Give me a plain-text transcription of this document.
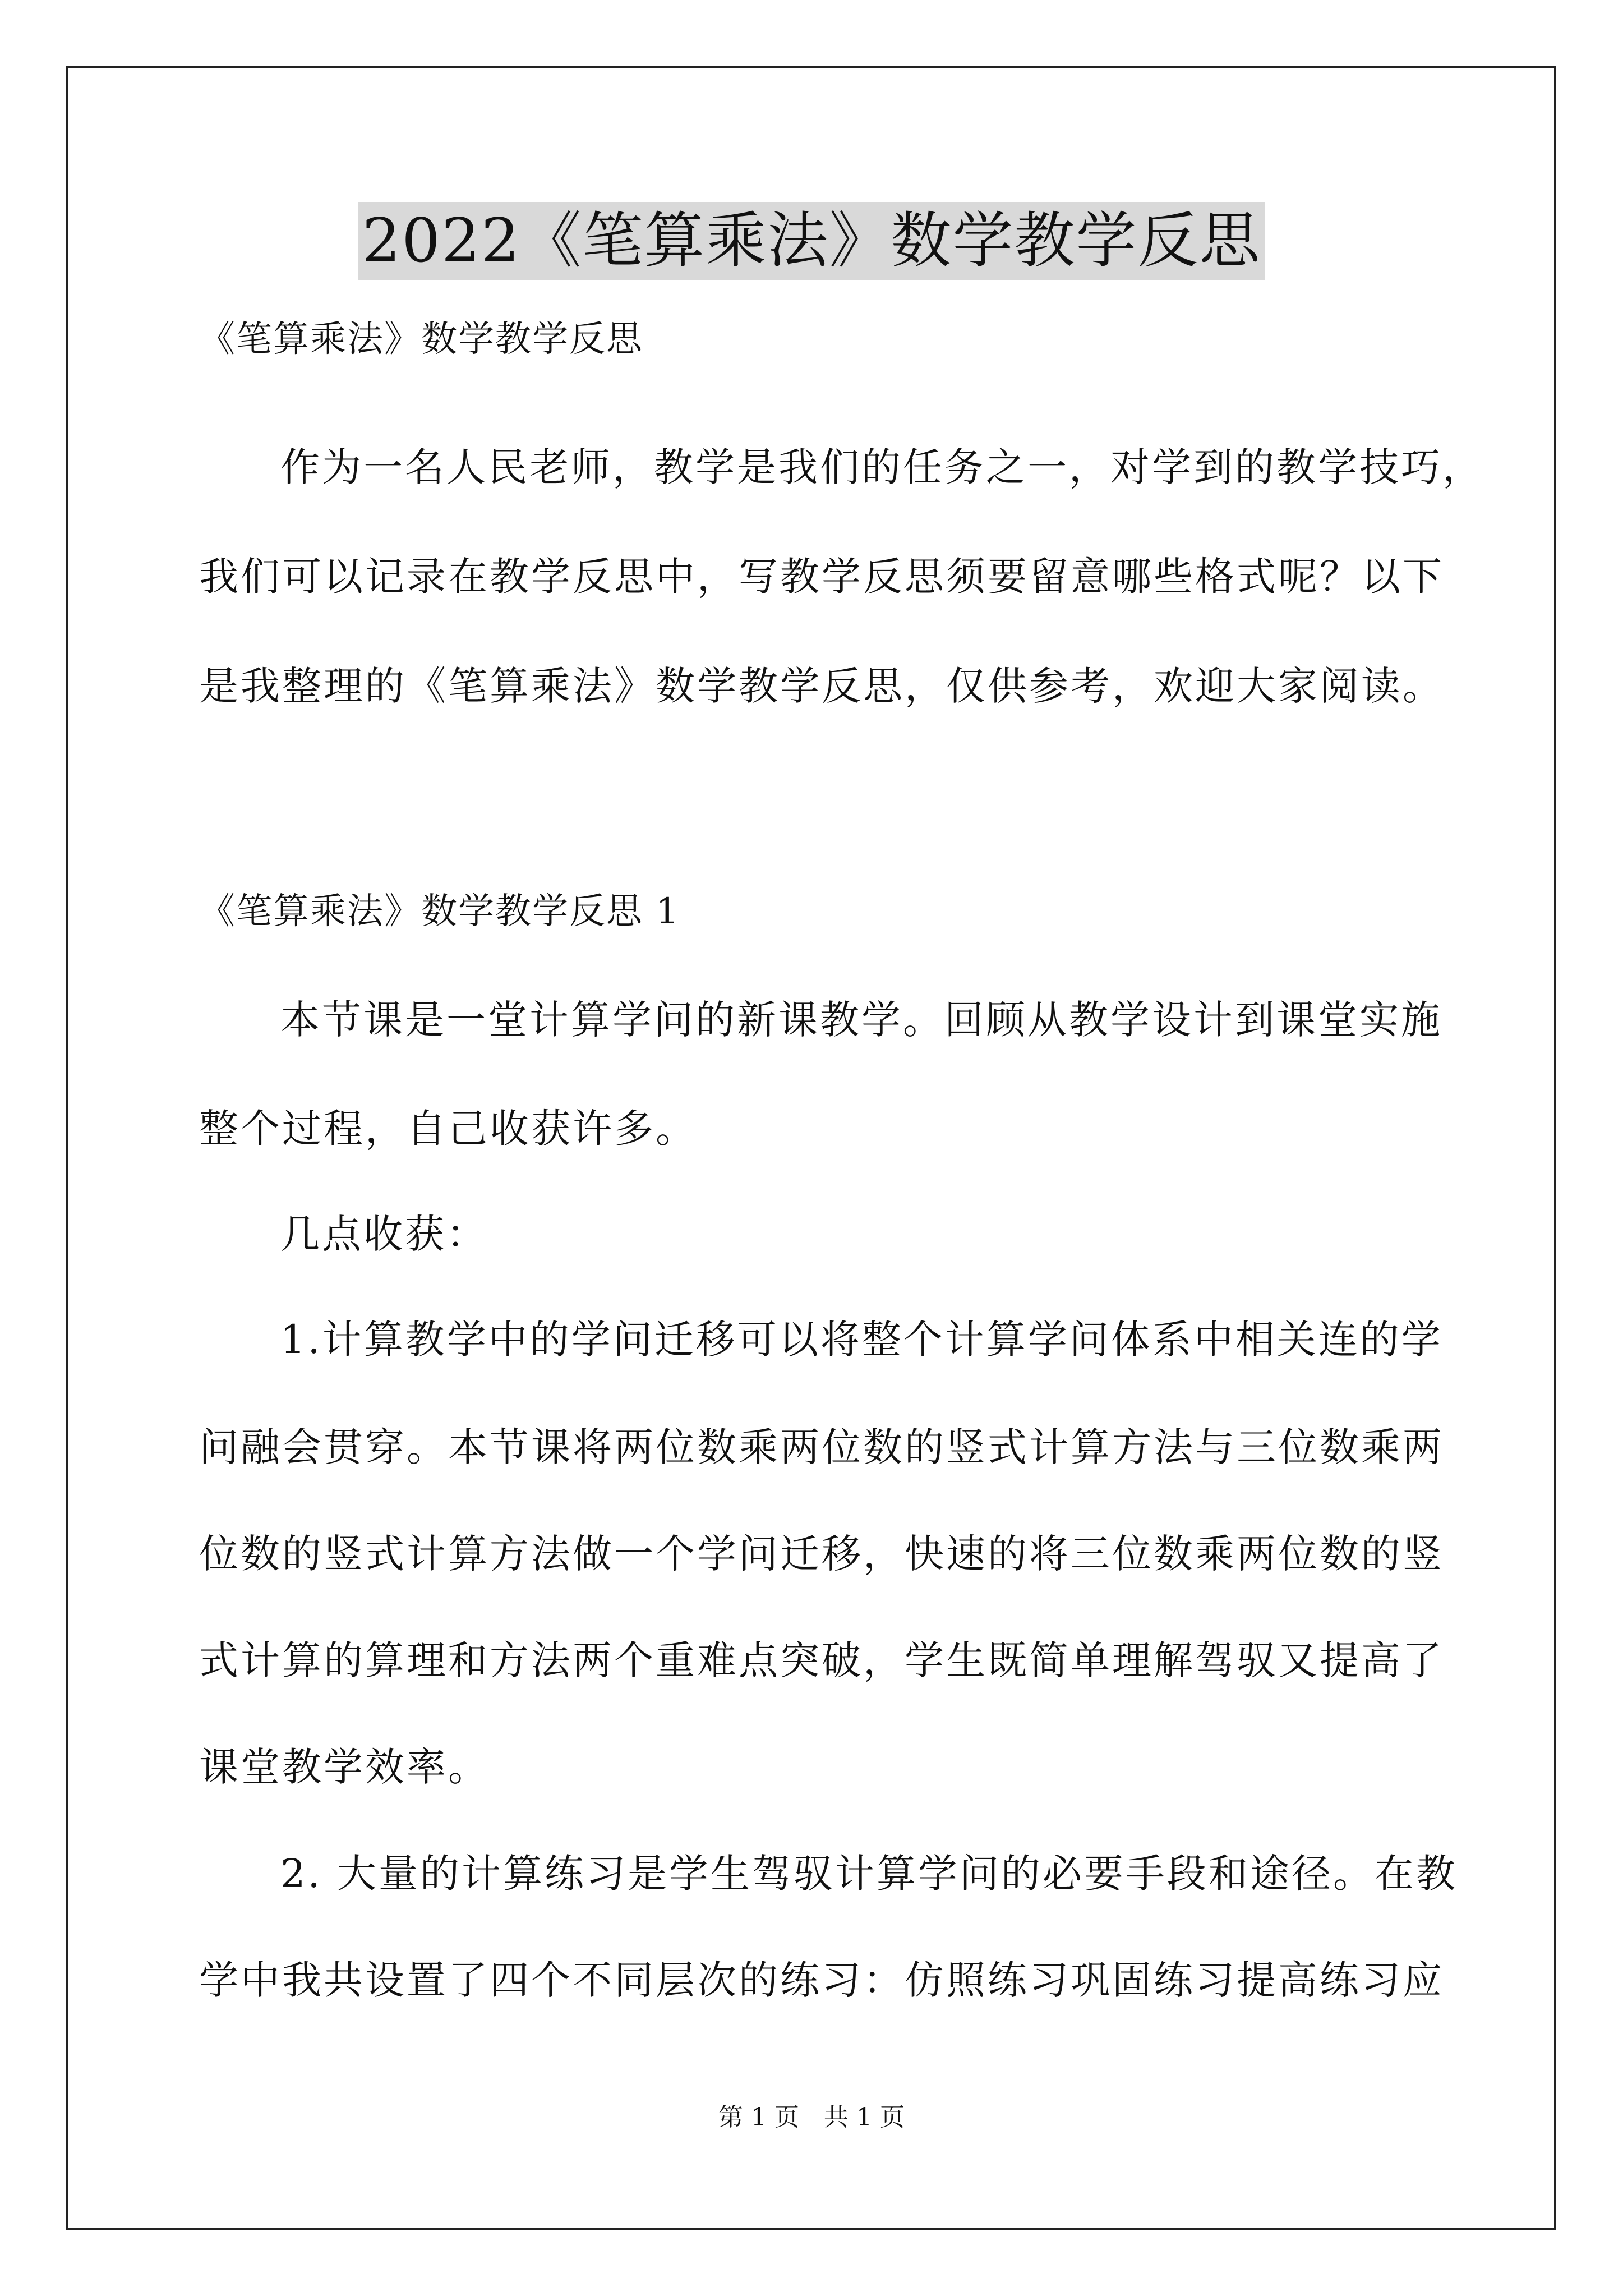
2022《笔算乘法》数学教学反思
《笔算乘法》数学教学反思
作为一名人民老师，教学是我们的任务之一，对学到的教学技巧，
我们可以记录在教学反思中，写教学反思须要留意哪些格式呢？以下
是我整理的《笔算乘法》数学教学反思，仅供参考，欢迎大家阅读。
《笔算乘法》数学教学反思 1
本节课是一堂计算学问的新课教学。回顾从教学设计到课堂实施
整个过程，自己收获许多。
几点收获：
1.计算教学中的学问迁移可以将整个计算学问体系中相关连的学
问融会贯穿。本节课将两位数乘两位数的竖式计算方法与三位数乘两
位数的竖式计算方法做一个学问迁移，快速的将三位数乘两位数的竖
式计算的算理和方法两个重难点突破，学生既简单理解驾驭又提高了
课堂教学效率。
2. 大量的计算练习是学生驾驭计算学问的必要手段和途径。在教
学中我共设置了四个不同层次的练习：仿照练习巩固练习提高练习应
第 1 页 共 1 页
